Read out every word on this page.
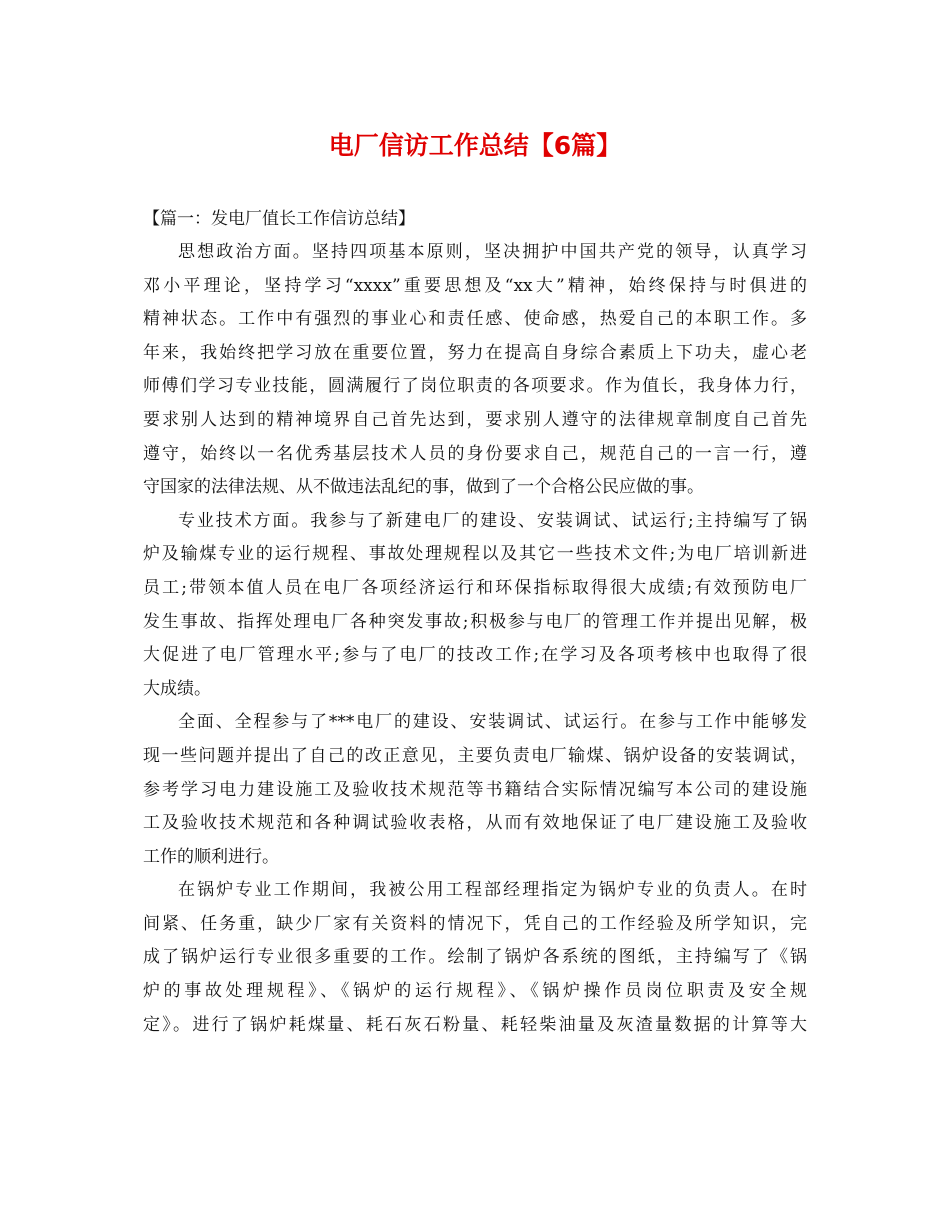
电厂信访工作总结【6篇】

【篇一：发电厂值长工作信访总结】

思想政治方面。坚持四项基本原则，坚决拥护中国共产党的领导，认真学习
邓小平理论，坚持学习“xxxx”重要思想及“xx大”精神，始终保持与时俱进的
精神状态。工作中有强烈的事业心和责任感、使命感，热爱自己的本职工作。多
年来，我始终把学习放在重要位置，努力在提高自身综合素质上下功夫，虚心老
师傅们学习专业技能，圆满履行了岗位职责的各项要求。作为值长，我身体力行，
要求别人达到的精神境界自己首先达到，要求别人遵守的法律规章制度自己首先
遵守，始终以一名优秀基层技术人员的身份要求自己，规范自己的一言一行，遵
守国家的法律法规、从不做违法乱纪的事，做到了一个合格公民应做的事。

专业技术方面。我参与了新建电厂的建设、安装调试、试运行;主持编写了锅
炉及输煤专业的运行规程、事故处理规程以及其它一些技术文件;为电厂培训新进
员工;带领本值人员在电厂各项经济运行和环保指标取得很大成绩;有效预防电厂
发生事故、指挥处理电厂各种突发事故;积极参与电厂的管理工作并提出见解，极
大促进了电厂管理水平;参与了电厂的技改工作;在学习及各项考核中也取得了很
大成绩。

全面、全程参与了***电厂的建设、安装调试、试运行。在参与工作中能够发
现一些问题并提出了自己的改正意见，主要负责电厂输煤、锅炉设备的安装调试，
参考学习电力建设施工及验收技术规范等书籍结合实际情况编写本公司的建设施
工及验收技术规范和各种调试验收表格，从而有效地保证了电厂建设施工及验收
工作的顺利进行。

在锅炉专业工作期间，我被公用工程部经理指定为锅炉专业的负责人。在时
间紧、任务重，缺少厂家有关资料的情况下，凭自己的工作经验及所学知识，完
成了锅炉运行专业很多重要的工作。绘制了锅炉各系统的图纸，主持编写了《锅
炉的事故处理规程》、《锅炉的运行规程》、《锅炉操作员岗位职责及安全规
定》。进行了锅炉耗煤量、耗石灰石粉量、耗轻柴油量及灰渣量数据的计算等大
